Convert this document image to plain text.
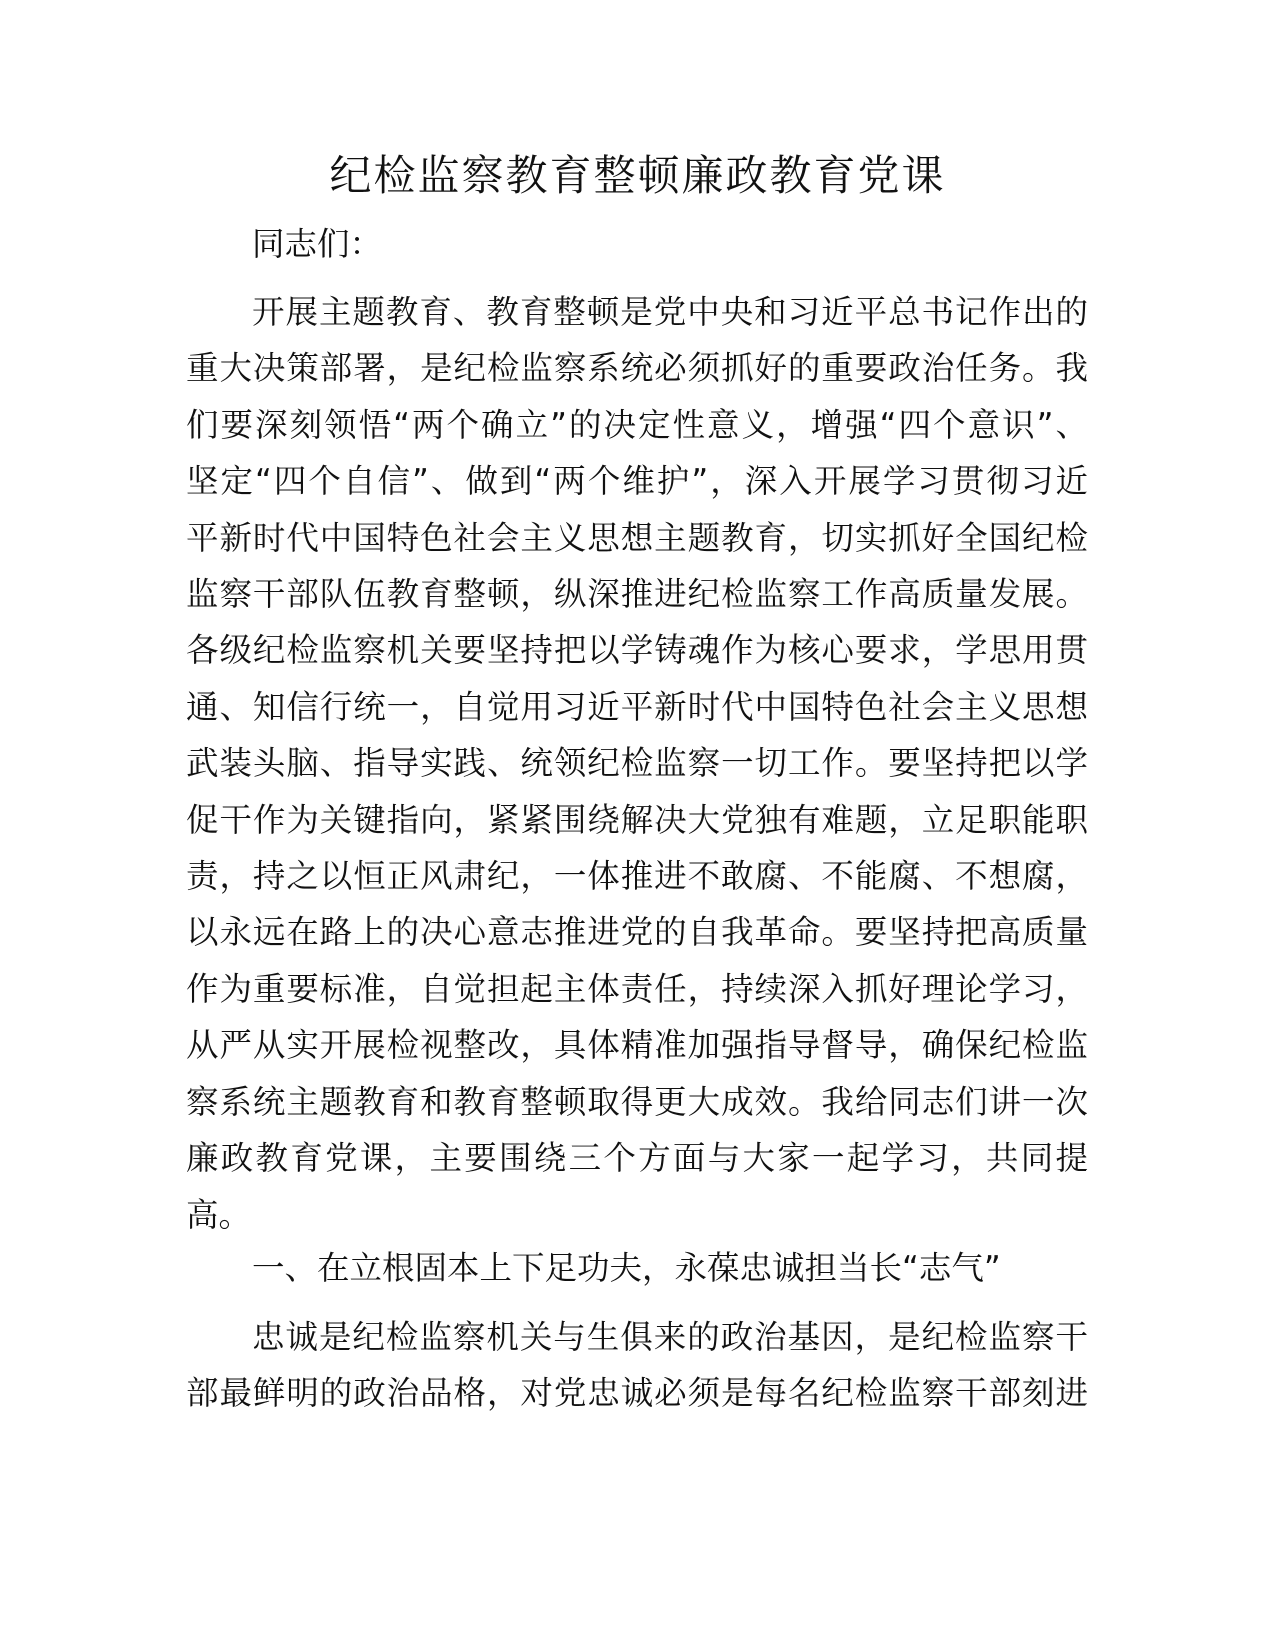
纪检监察教育整顿廉政教育党课
同志们：
开展主题教育、教育整顿是党中央和习近平总书记作出的
重大决策部署，是纪检监察系统必须抓好的重要政治任务。我
们要深刻领悟“两个确立”的决定性意义，增强“四个意识”、
坚定“四个自信”、做到“两个维护”，深入开展学习贯彻习近
平新时代中国特色社会主义思想主题教育，切实抓好全国纪检
监察干部队伍教育整顿，纵深推进纪检监察工作高质量发展。
各级纪检监察机关要坚持把以学铸魂作为核心要求，学思用贯
通、知信行统一，自觉用习近平新时代中国特色社会主义思想
武装头脑、指导实践、统领纪检监察一切工作。要坚持把以学
促干作为关键指向，紧紧围绕解决大党独有难题，立足职能职
责，持之以恒正风肃纪，一体推进不敢腐、不能腐、不想腐，
以永远在路上的决心意志推进党的自我革命。要坚持把高质量
作为重要标准，自觉担起主体责任，持续深入抓好理论学习，
从严从实开展检视整改，具体精准加强指导督导，确保纪检监
察系统主题教育和教育整顿取得更大成效。我给同志们讲一次
廉政教育党课，主要围绕三个方面与大家一起学习，共同提
高。
一、在立根固本上下足功夫，永葆忠诚担当长“志气”
忠诚是纪检监察机关与生俱来的政治基因，是纪检监察干
部最鲜明的政治品格，对党忠诚必须是每名纪检监察干部刻进
